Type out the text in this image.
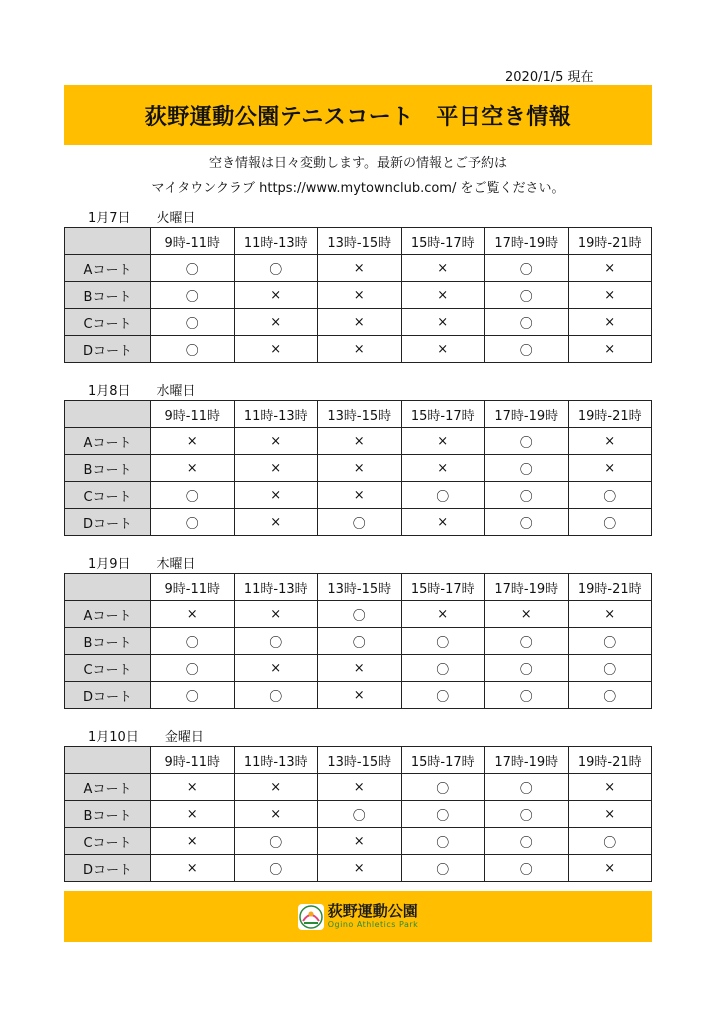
2020/1/5 現在
荻野運動公園テニスコート　平日空き情報
空き情報は日々変動します。最新の情報とご予約は
マイタウンクラブ https://www.mytownclub.com/ をご覧ください。
1月7日 火曜日
	9時-11時	11時-13時	13時-15時	15時-17時	17時-19時	19時-21時
Aコート	〇	〇	×	×	〇	×
Bコート	〇	×	×	×	〇	×
Cコート	〇	×	×	×	〇	×
Dコート	〇	×	×	×	〇	×
1月8日 水曜日
	9時-11時	11時-13時	13時-15時	15時-17時	17時-19時	19時-21時
Aコート	×	×	×	×	〇	×
Bコート	×	×	×	×	〇	×
Cコート	〇	×	×	〇	〇	〇
Dコート	〇	×	〇	×	〇	〇
1月9日 木曜日
	9時-11時	11時-13時	13時-15時	15時-17時	17時-19時	19時-21時
Aコート	×	×	〇	×	×	×
Bコート	〇	〇	〇	〇	〇	〇
Cコート	〇	×	×	〇	〇	〇
Dコート	〇	〇	×	〇	〇	〇
1月10日 金曜日
	9時-11時	11時-13時	13時-15時	15時-17時	17時-19時	19時-21時
Aコート	×	×	×	〇	〇	×
Bコート	×	×	〇	〇	〇	×
Cコート	×	〇	×	〇	〇	〇
Dコート	×	〇	×	〇	〇	×
荻野運動公園
Ogino Athletics Park
